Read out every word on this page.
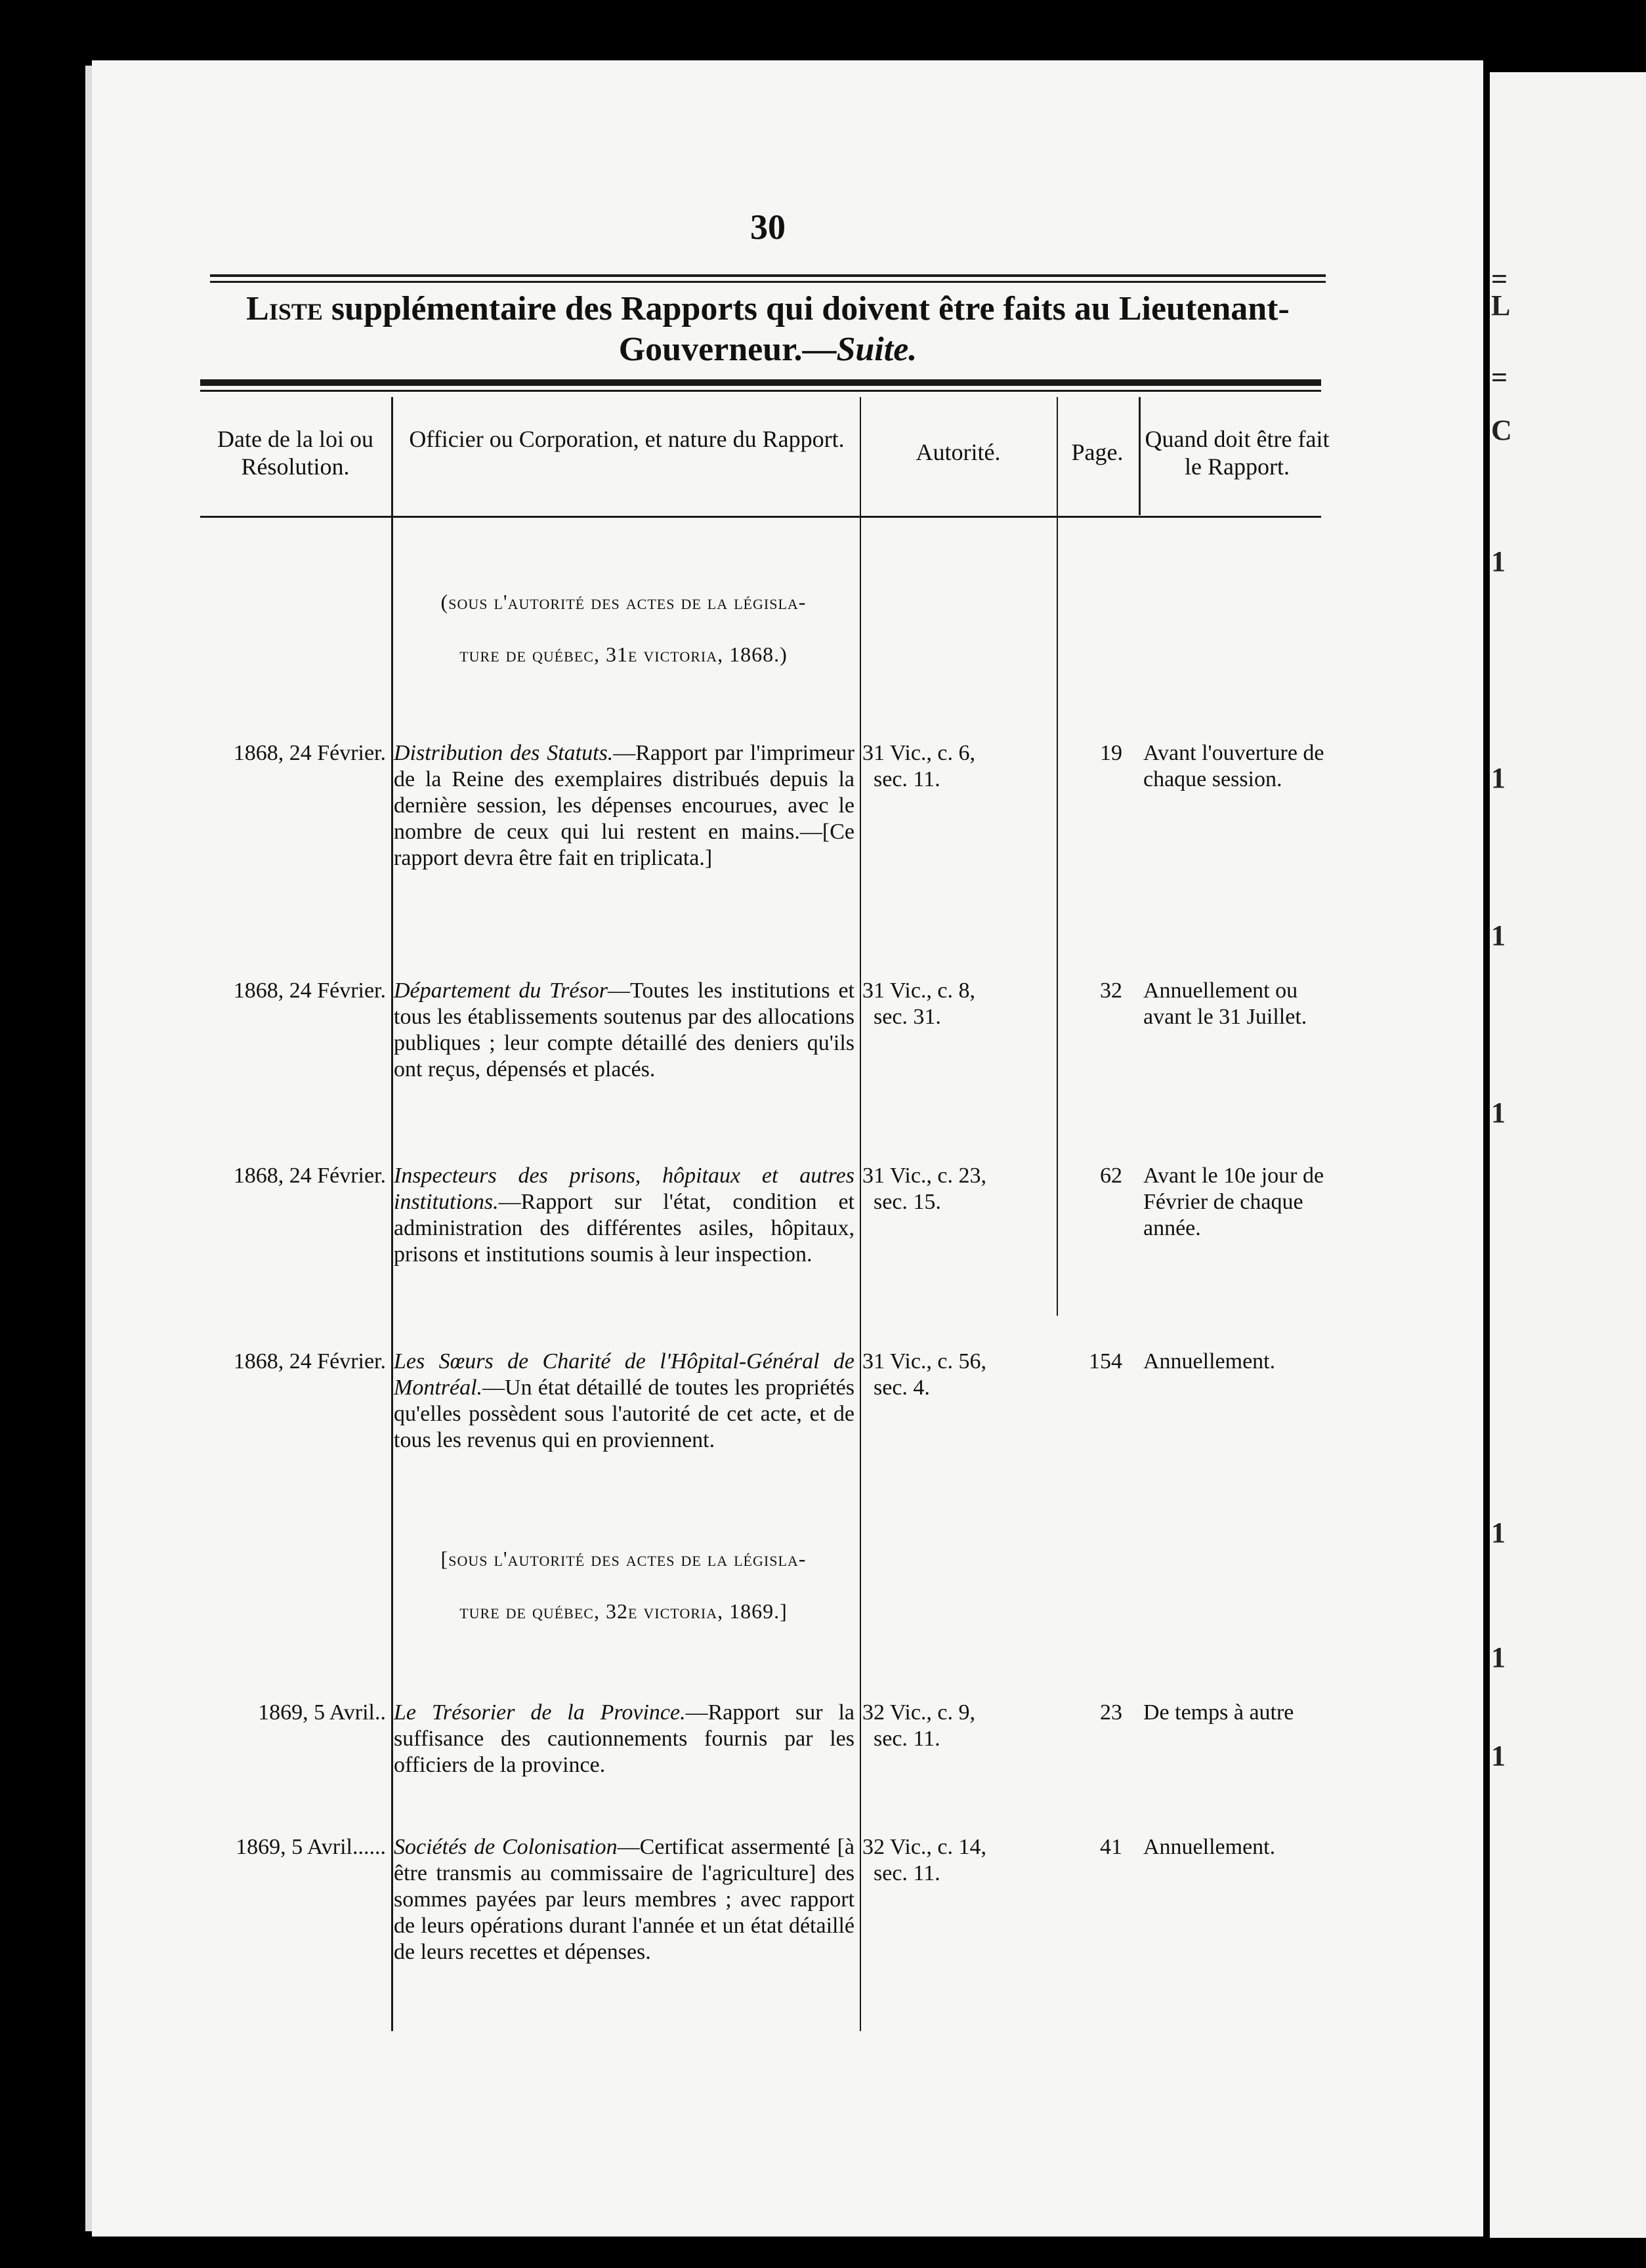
=
L
=
C
1
1
1
1
1
1
1
30
Liste supplémentaire des Rapports qui doivent être faits au Lieutenant-
Gouverneur.—Suite.
Date de la loi ou Résolution.
Officier ou Corporation, et nature du Rapport.	Autorité.	Page. Quand doit être fait le Rapport.
(sous l'autorité des actes de la législa-
ture de québec, 31e victoria, 1868.)
1868, 24 Février. Distribution des Statuts.—Rapport par l'imprimeur de la Reine des exemplaires distribués depuis la dernière session, les dépenses encourues, avec le nombre de ceux qui lui restent en mains.—[Ce rapport devra être fait en triplicata.]
31 Vic., c. 6,
sec. 11.
19 Avant l'ouverture de chaque session.
1868, 24 Février. Département du Trésor—Toutes les institutions et tous les établissements soutenus par des allocations publiques ; leur compte détaillé des deniers qu'ils ont reçus, dépensés et placés.
31 Vic., c. 8,
sec. 31.
32 Annuellement ou avant le 31 Juillet.
1868, 24 Février. Inspecteurs des prisons, hôpitaux et autres institutions.—Rapport sur l'état, condition et administration des différentes asiles, hôpitaux, prisons et institutions soumis à leur inspection.
31 Vic., c. 23,
sec. 15.
62 Avant le 10e jour de Février de chaque année.
1868, 24 Février. Les Sœurs de Charité de l'Hôpital-Général de Montréal.—Un état détaillé de toutes les propriétés qu'elles possèdent sous l'autorité de cet acte, et de tous les revenus qui en proviennent.
31 Vic., c. 56,
sec. 4.
154 Annuellement.
[sous l'autorité des actes de la législa-
ture de québec, 32e victoria, 1869.]
1869, 5 Avril.. Le Trésorier de la Province.—Rapport sur la suffisance des cautionnements fournis par les officiers de la province.
32 Vic., c. 9,
sec. 11.
23 De temps à autre
1869, 5 Avril...... Sociétés de Colonisation—Certificat assermenté [à être transmis au commissaire de l'agriculture] des sommes payées par leurs membres ; avec rapport de leurs opérations durant l'année et un état détaillé de leurs recettes et dépenses.
32 Vic., c. 14,
sec. 11.
41 Annuellement.
